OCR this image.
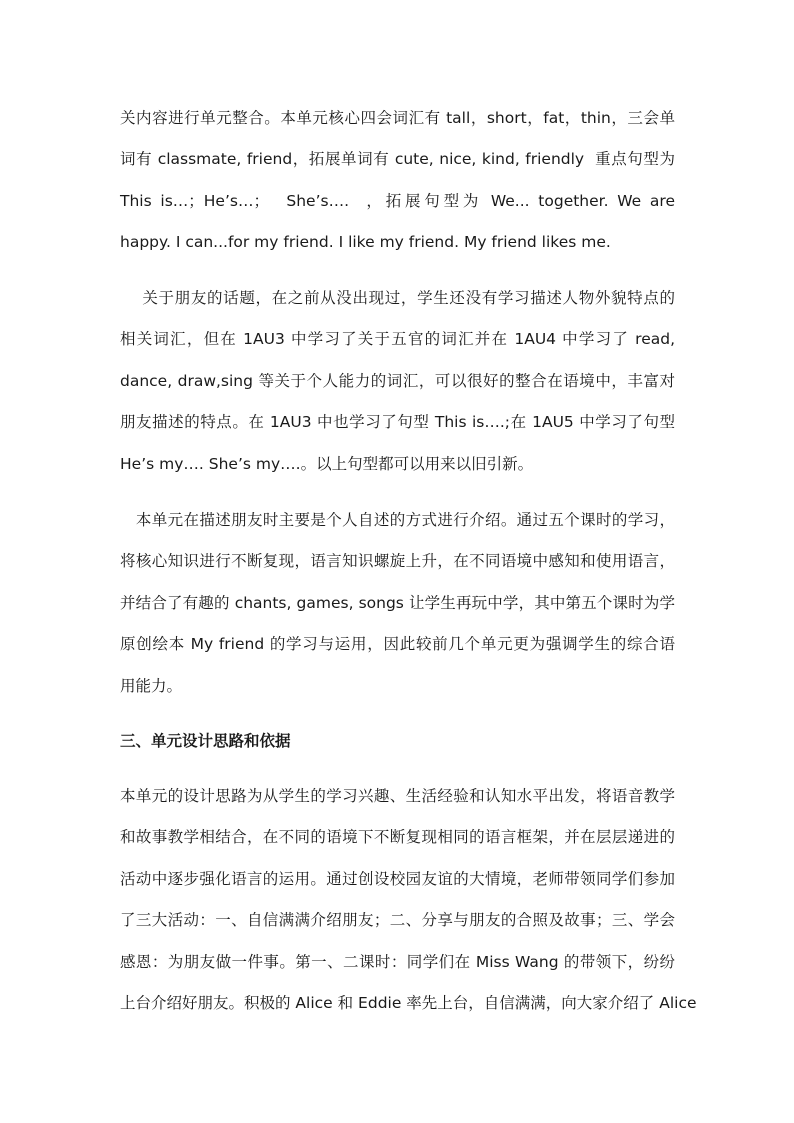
关内容进行单元整合。本单元核心四会词汇有 tall，short，fat，thin，三会单
词有 classmate, friend，拓展单词有 cute, nice, kind, friendly  重点句型为
This is…；He’s…；  She’s….  ，拓展句型为 We... together. We are
happy. I can...for my friend. I like my friend. My friend likes me.
关于朋友的话题，在之前从没出现过，学生还没有学习描述人物外貌特点的
相关词汇，但在 1AU3 中学习了关于五官的词汇并在 1AU4 中学习了 read,
dance, draw,sing 等关于个人能力的词汇，可以很好的整合在语境中，丰富对
朋友描述的特点。在 1AU3 中也学习了句型 This is….;在 1AU5 中学习了句型
He’s my…. She’s my….。以上句型都可以用来以旧引新。
本单元在描述朋友时主要是个人自述的方式进行介绍。通过五个课时的学习，
将核心知识进行不断复现，语言知识螺旋上升，在不同语境中感知和使用语言，
并结合了有趣的 chants, games, songs 让学生再玩中学，其中第五个课时为学
原创绘本 My friend 的学习与运用，因此较前几个单元更为强调学生的综合语
用能力。
三、单元设计思路和依据
本单元的设计思路为从学生的学习兴趣、生活经验和认知水平出发，将语音教学
和故事教学相结合，在不同的语境下不断复现相同的语言框架，并在层层递进的
活动中逐步强化语言的运用。通过创设校园友谊的大情境，老师带领同学们参加
了三大活动：一、自信满满介绍朋友；二、分享与朋友的合照及故事；三、学会
感恩：为朋友做一件事。第一、二课时：同学们在 Miss Wang 的带领下，纷纷
上台介绍好朋友。积极的 Alice 和 Eddie 率先上台，自信满满，向大家介绍了 Alice
